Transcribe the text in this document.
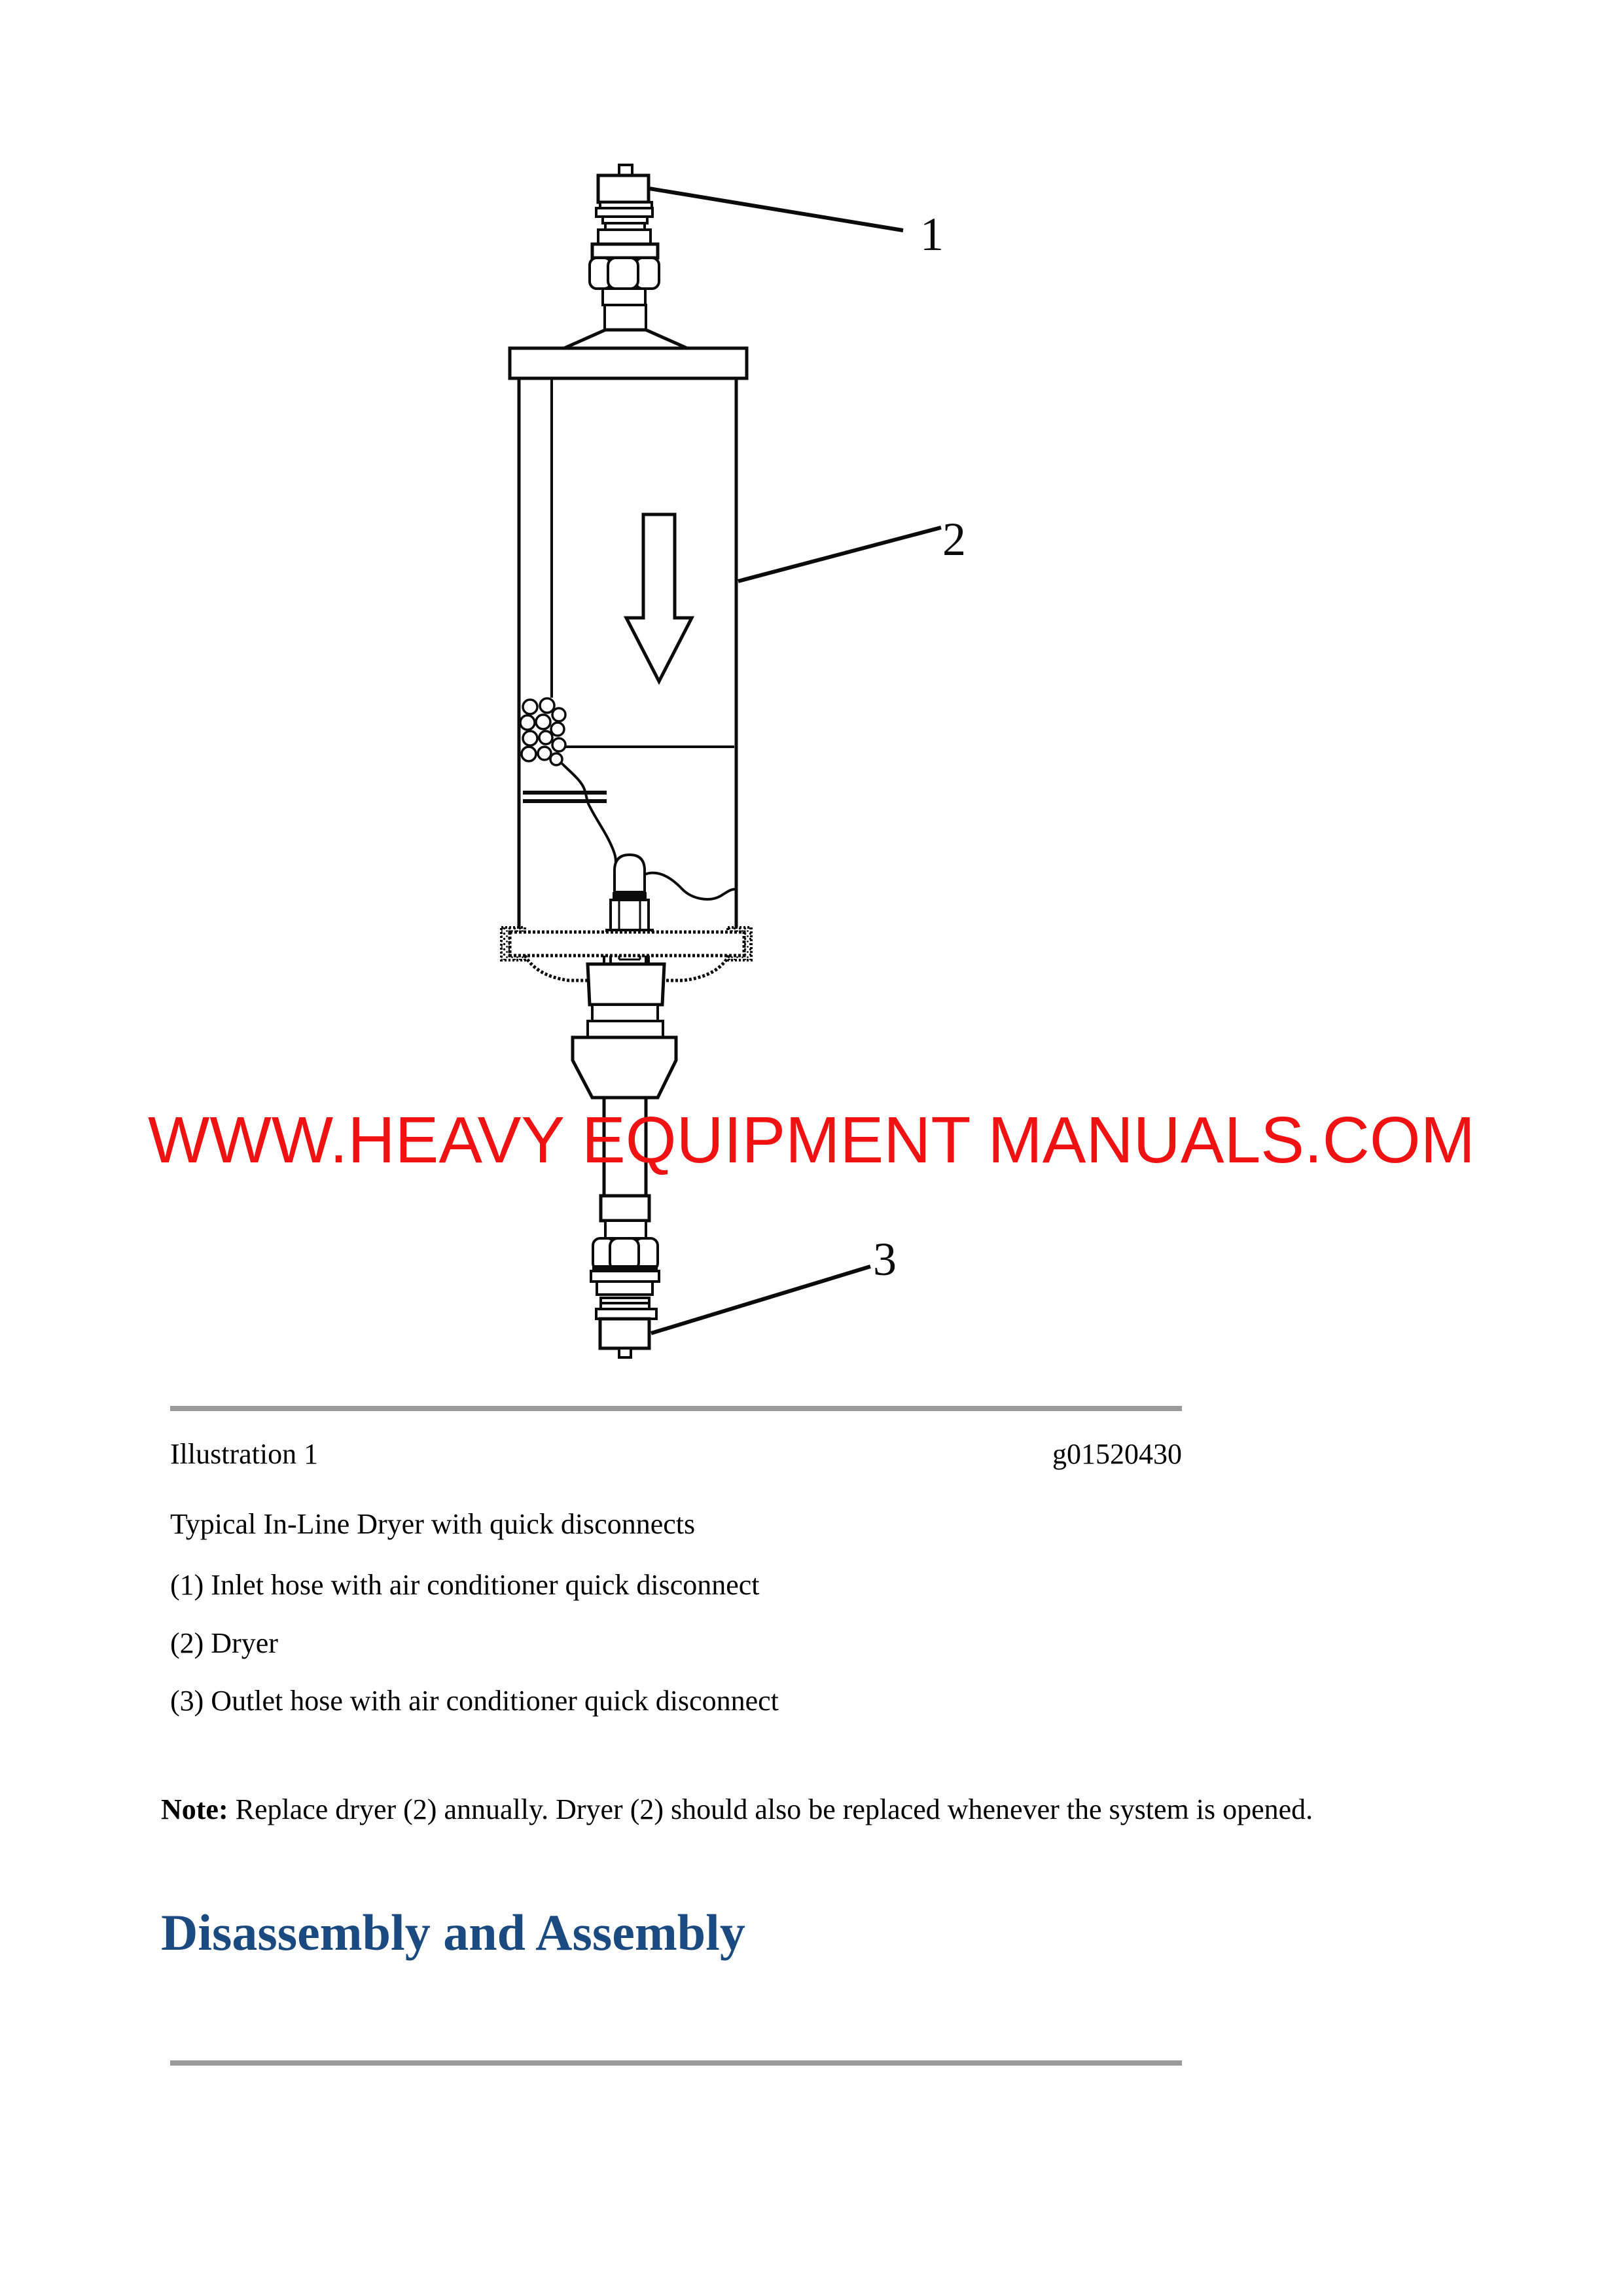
1
2
3
WWW.HEAVY EQUIPMENT MANUALS.COM
Illustration 1	g01520430
Typical In-Line Dryer with quick disconnects
(1) Inlet hose with air conditioner quick disconnect
(2) Dryer
(3) Outlet hose with air conditioner quick disconnect
Note: Replace dryer (2) annually. Dryer (2) should also be replaced whenever the system is opened.
Disassembly and Assembly
